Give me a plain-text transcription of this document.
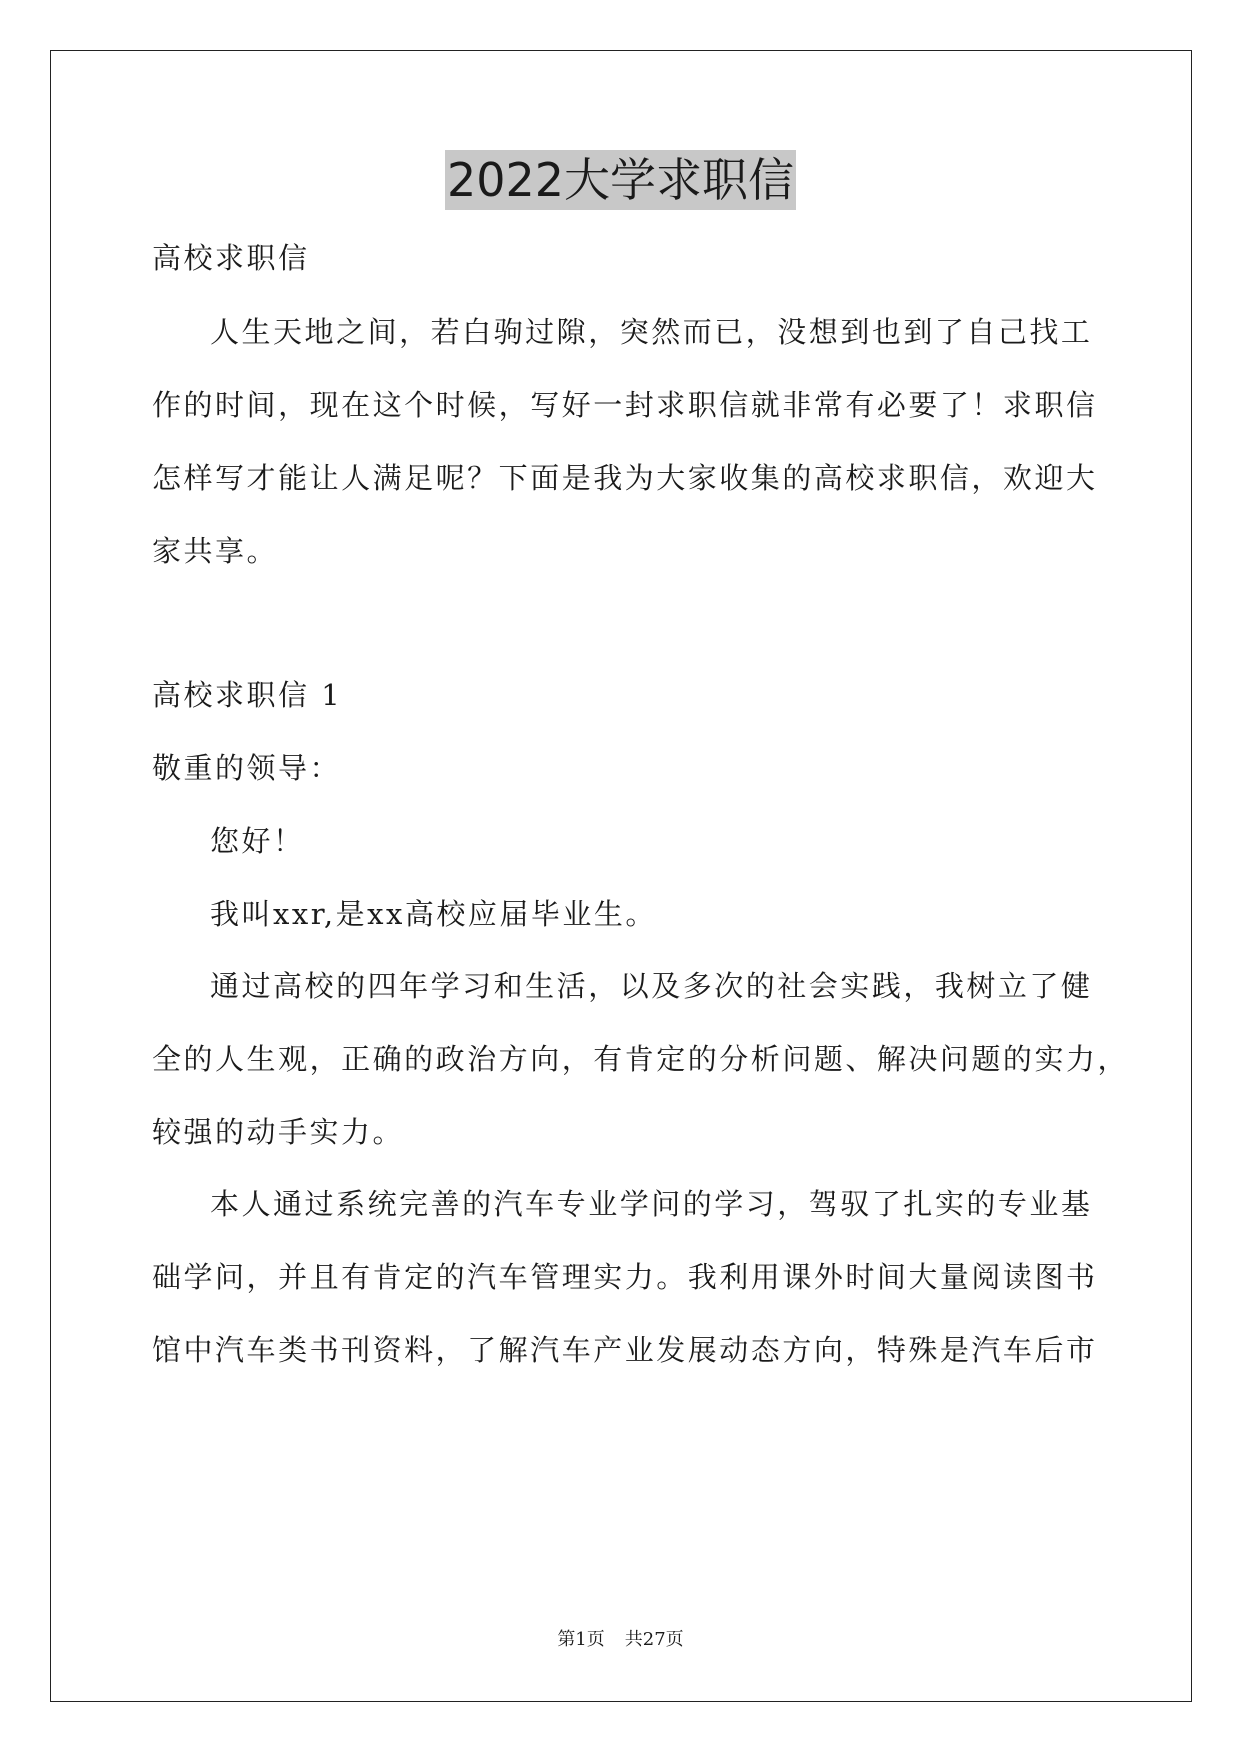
2022大学求职信
高校求职信
人 生 天 地 之 间 ， 若 白 驹 过 隙 ， 突 然 而 已 ， 没 想 到 也 到 了 自 己 找 工
作 的 时 间 ， 现 在 这 个 时 候 ， 写 好 一 封 求 职 信 就 非 常 有 必 要 了 ！ 求 职 信
怎 样 写 才 能 让 人 满 足 呢 ？ 下 面 是 我 为 大 家 收 集 的 高 校 求 职 信 ， 欢 迎 大
家共享。
高校求职信 1
敬重的领导：
您好！
我叫xxr,是xx高校应届毕业生。
通 过 高 校 的 四 年 学 习 和 生 活 ， 以 及 多 次 的 社 会 实 践 ， 我 树 立 了 健
全 的 人 生 观 ， 正 确 的 政 治 方 向 ， 有 肯 定 的 分 析 问 题 、 解 决 问 题 的 实 力 ，
较强的动手实力。
本 人 通 过 系 统 完 善 的 汽 车 专 业 学 问 的 学 习 ， 驾 驭 了 扎 实 的 专 业 基
础 学 问 ， 并 且 有 肯 定 的 汽 车 管 理 实 力 。 我 利 用 课 外 时 间 大 量 阅 读 图 书
馆 中 汽 车 类 书 刊 资 料 ， 了 解 汽 车 产 业 发 展 动 态 方 向 ， 特 殊 是 汽 车 后 市
第1页 共27页
